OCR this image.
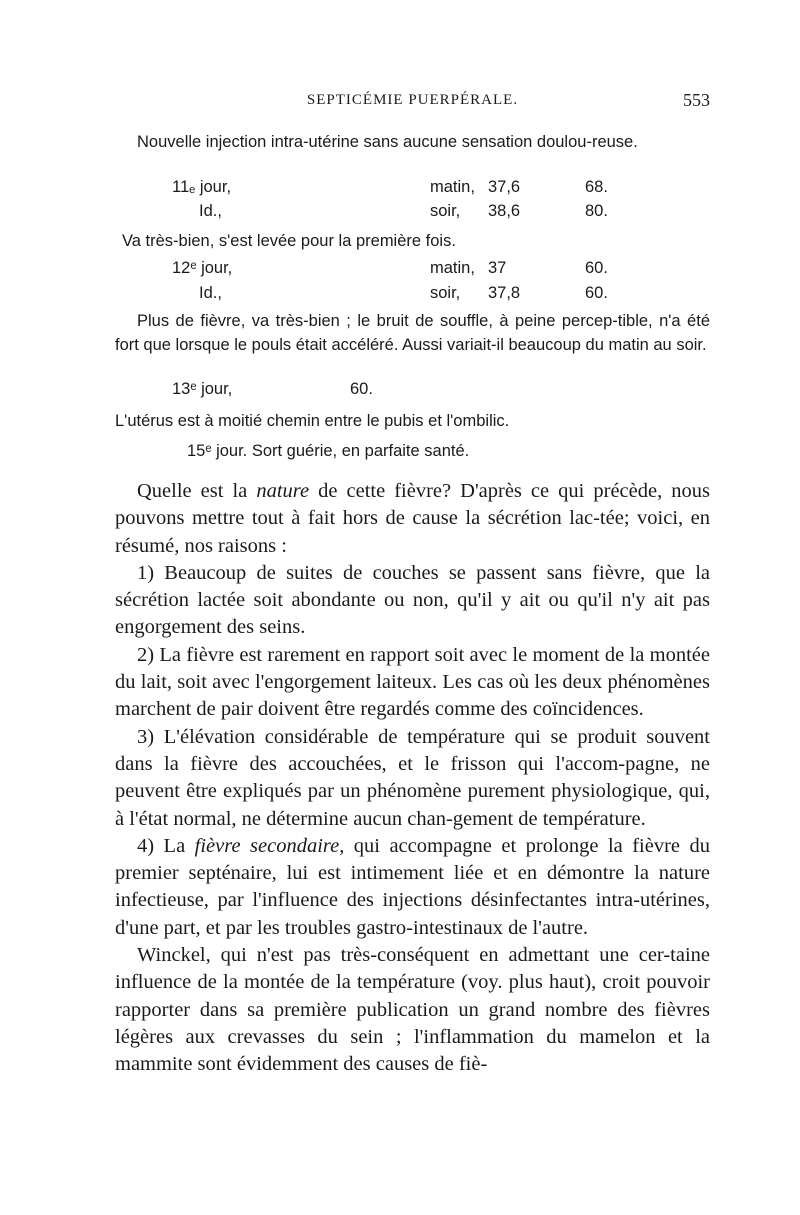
SEPTICÉMIE PUERPÉRALE.	553
Nouvelle injection intra-utérine sans aucune sensation doulou-reuse.
11ₑ jour,	matin, 37,6	68.
Id.,	soir, 38,6	80.
Va très-bien, s'est levée pour la première fois.
12ᵉ jour,	matin, 37	60.
Id.,	soir, 37,8	60.
Plus de fièvre, va très-bien ; le bruit de souffle, à peine percep-tible, n'a été fort que lorsque le pouls était accéléré. Aussi variait-il beaucoup du matin au soir.
13ᵉ jour,	60.
L'utérus est à moitié chemin entre le pubis et l'ombilic.
15ᵉ jour. Sort guérie, en parfaite santé.

Quelle est la nature de cette fièvre? D'après ce qui précède, nous pouvons mettre tout à fait hors de cause la sécrétion lac-tée; voici, en résumé, nos raisons :

1) Beaucoup de suites de couches se passent sans fièvre, que la sécrétion lactée soit abondante ou non, qu'il y ait ou qu'il n'y ait pas engorgement des seins.

2) La fièvre est rarement en rapport soit avec le moment de la montée du lait, soit avec l'engorgement laiteux. Les cas où les deux phénomènes marchent de pair doivent être regardés comme des coïncidences.

3) L'élévation considérable de température qui se produit souvent dans la fièvre des accouchées, et le frisson qui l'accom-pagne, ne peuvent être expliqués par un phénomène purement physiologique, qui, à l'état normal, ne détermine aucun chan-gement de température.

4) La fièvre secondaire, qui accompagne et prolonge la fièvre du premier septénaire, lui est intimement liée et en démontre la nature infectieuse, par l'influence des injections désinfectantes intra-utérines, d'une part, et par les troubles gastro-intestinaux de l'autre.

Winckel, qui n'est pas très-conséquent en admettant une cer-taine influence de la montée de la température (voy. plus haut), croit pouvoir rapporter dans sa première publication un grand nombre des fièvres légères aux crevasses du sein ; l'inflammation du mamelon et la mammite sont évidemment des causes de fiè-
